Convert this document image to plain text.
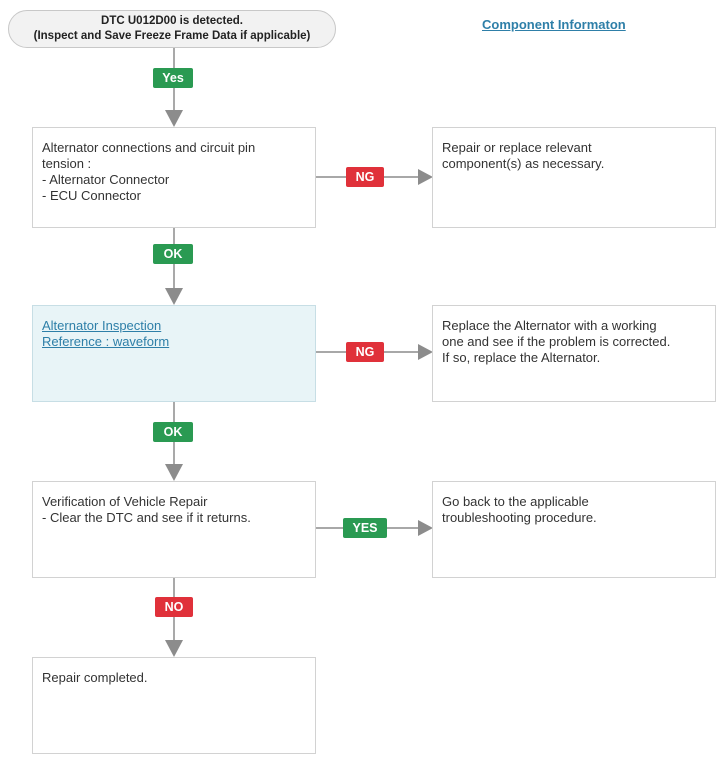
DTC U012D00 is detected.
(Inspect and Save Freeze Frame Data if applicable)
Component Informaton
Yes
Alternator connections and circuit pin
tension :
- Alternator Connector
- ECU Connector
NG
Repair or replace relevant
component(s) as necessary.
OK
Alternator Inspection
Reference : waveform
NG
Replace the Alternator with a working
one and see if the problem is corrected.
If so, replace the Alternator.
OK
Verification of Vehicle Repair
- Clear the DTC and see if it returns.
YES
Go back to the applicable
troubleshooting procedure.
NO
Repair completed.
